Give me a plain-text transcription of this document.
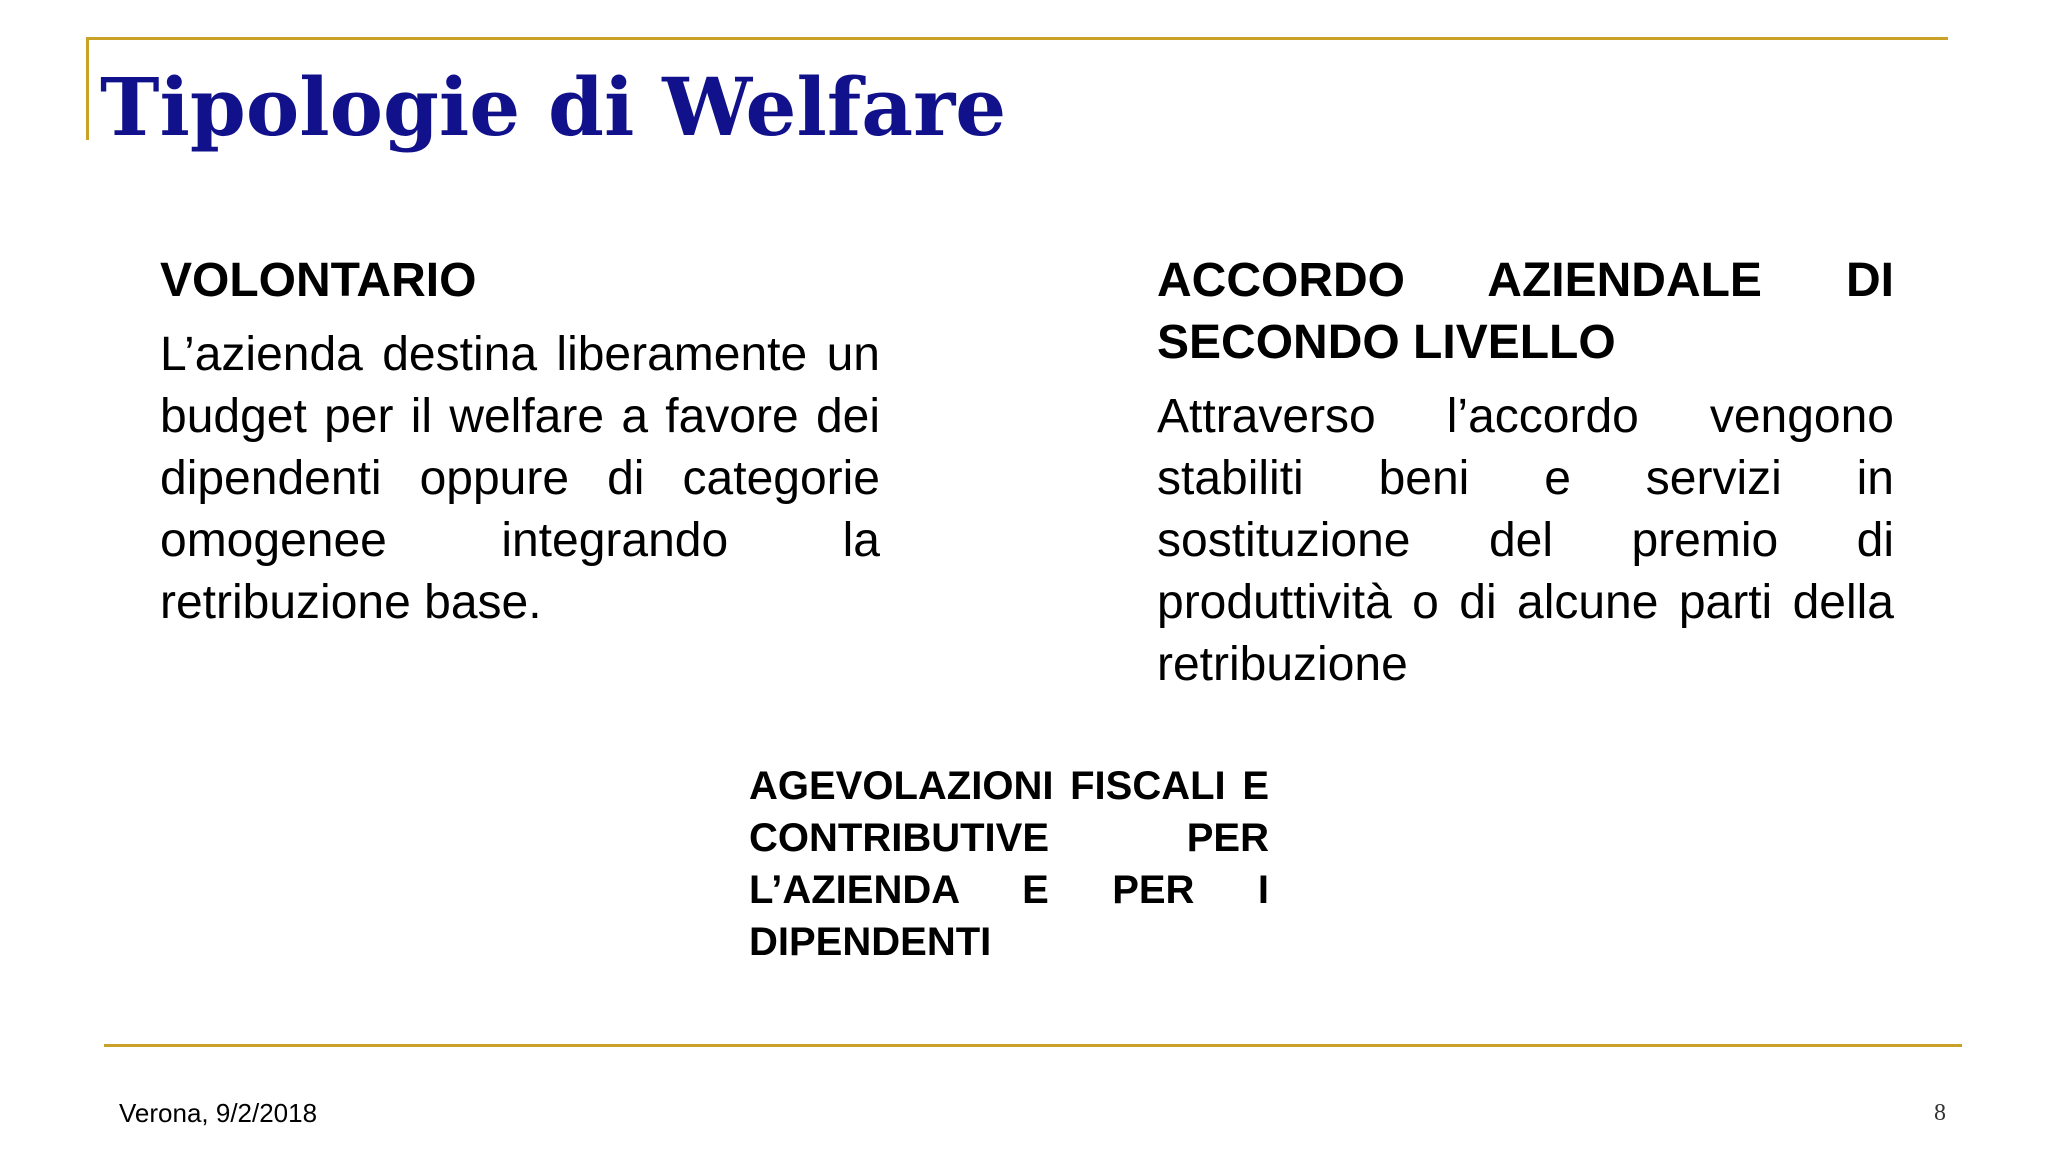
Tipologie di Welfare

VOLONTARIO

L’azienda destina liberamente un budget per il welfare a favore dei dipendenti oppure di categorie omogenee integrando la retribuzione base.

ACCORDO AZIENDALE DI SECONDO LIVELLO

Attraverso l’accordo vengono stabiliti beni e servizi in sostituzione del premio di produttività o di alcune parti della retribuzione

AGEVOLAZIONI FISCALI E CONTRIBUTIVE PER L’AZIENDA E PER I DIPENDENTI

Verona, 9/2/2018	8
